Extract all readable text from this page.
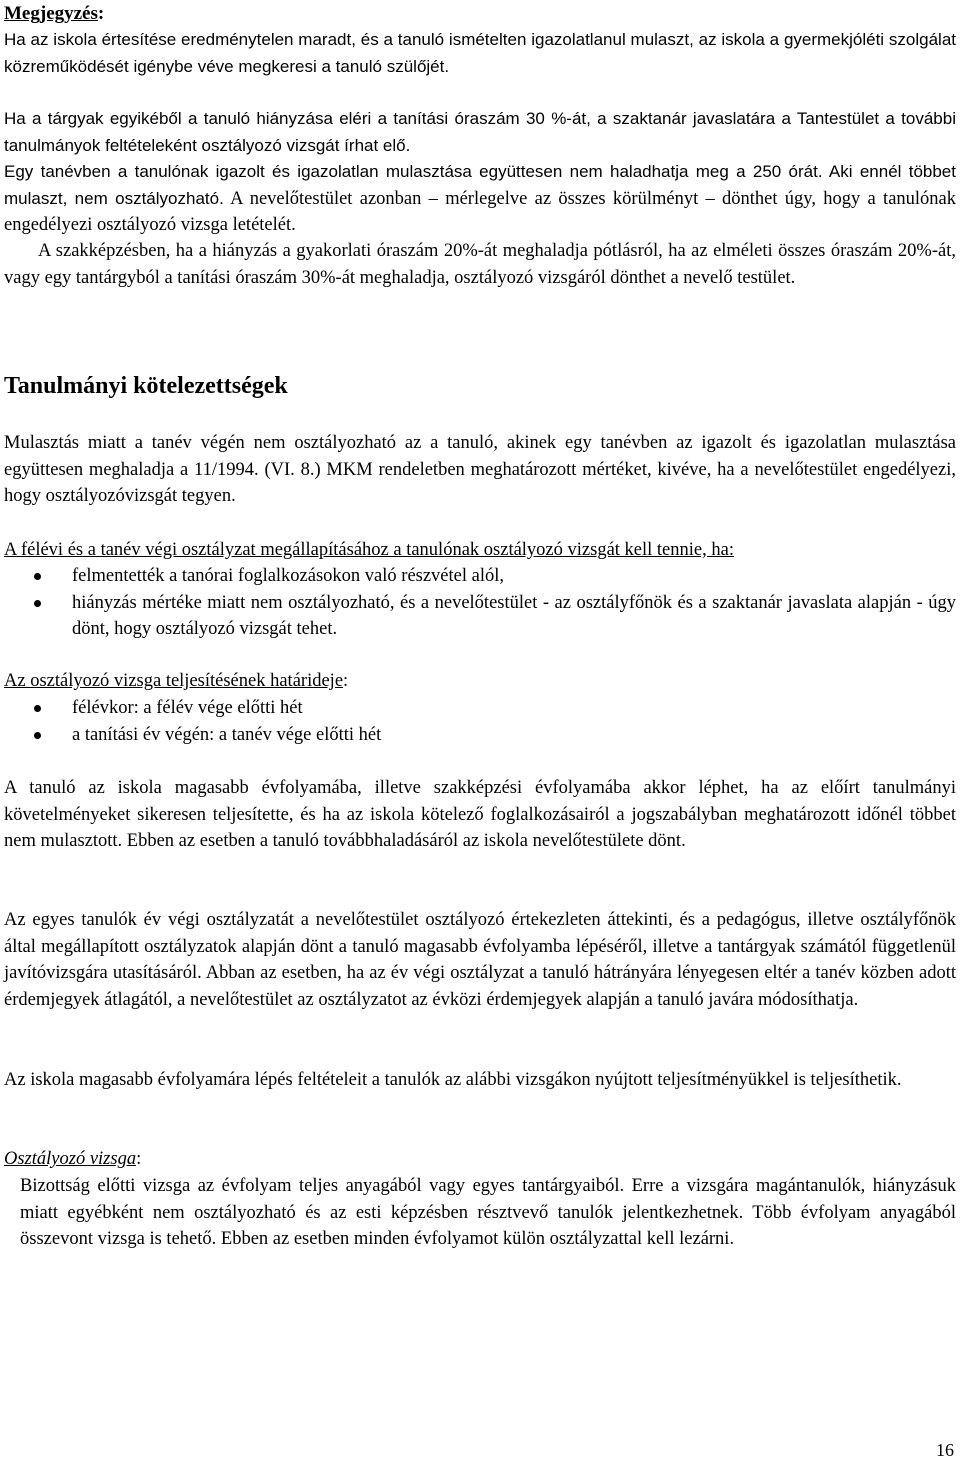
Megjegyzés:

Ha az iskola értesítése eredménytelen maradt, és a tanuló ismételten igazolatlanul mulaszt, az iskola a gyermekjóléti szolgálat közreműködését igénybe véve megkeresi a tanuló szülőjét.

Ha a tárgyak egyikéből a tanuló hiányzása eléri a tanítási óraszám 30 %-át, a szaktanár javaslatára a Tantestület a további tanulmányok feltételeként osztályozó vizsgát írhat elő.

Egy tanévben a tanulónak igazolt és igazolatlan mulasztása együttesen nem haladhatja meg a 250 órát. Aki ennél többet mulaszt, nem osztályozható. A nevelőtestület azonban – mérlegelve az összes körülményt – dönthet úgy, hogy a tanulónak engedélyezi osztályozó vizsga letételét.

A szakképzésben, ha a hiányzás a gyakorlati óraszám 20%-át meghaladja pótlásról, ha az elméleti összes óraszám 20%-át, vagy egy tantárgyból a tanítási óraszám 30%-át meghaladja, osztályozó vizsgáról dönthet a nevelő testület.

Tanulmányi kötelezettségek

Mulasztás miatt a tanév végén nem osztályozható az a tanuló, akinek egy tanévben az igazolt és igazolatlan mulasztása együttesen meghaladja a 11/1994. (VI. 8.) MKM rendeletben meghatározott mértéket, kivéve, ha a nevelőtestület engedélyezi, hogy osztályozóvizsgát tegyen.

A félévi és a tanév végi osztályzat megállapításához a tanulónak osztályozó vizsgát kell tennie, ha:

felmentették a tanórai foglalkozásokon való részvétel alól,
hiányzás mértéke miatt nem osztályozható, és a nevelőtestület - az osztályfőnök és a szaktanár javaslata alapján - úgy dönt, hogy osztályozó vizsgát tehet.

Az osztályozó vizsga teljesítésének határideje:

félévkor: a félév vége előtti hét
a tanítási év végén: a tanév vége előtti hét

A tanuló az iskola magasabb évfolyamába, illetve szakképzési évfolyamába akkor léphet, ha az előírt tanulmányi követelményeket sikeresen teljesítette, és ha az iskola kötelező foglalkozásairól a jogszabályban meghatározott időnél többet nem mulasztott. Ebben az esetben a tanuló továbbhaladásáról az iskola nevelőtestülete dönt.

Az egyes tanulók év végi osztályzatát a nevelőtestület osztályozó értekezleten áttekinti, és a pedagógus, illetve osztályfőnök által megállapított osztályzatok alapján dönt a tanuló magasabb évfolyamba lépéséről, illetve a tantárgyak számától függetlenül javítóvizsgára utasításáról. Abban az esetben, ha az év végi osztályzat a tanuló hátrányára lényegesen eltér a tanév közben adott érdemjegyek átlagától, a nevelőtestület az osztályzatot az évközi érdemjegyek alapján a tanuló javára módosíthatja.

Az iskola magasabb évfolyamára lépés feltételeit a tanulók az alábbi vizsgákon nyújtott teljesítményükkel is teljesíthetik.

Osztályozó vizsga:

Bizottság előtti vizsga az évfolyam teljes anyagából vagy egyes tantárgyaiból. Erre a vizsgára magántanulók, hiányzásuk miatt egyébként nem osztályozható és az esti képzésben résztvevő tanulók jelentkezhetnek. Több évfolyam anyagából összevont vizsga is tehető. Ebben az esetben minden évfolyamot külön osztályzattal kell lezárni.

16
